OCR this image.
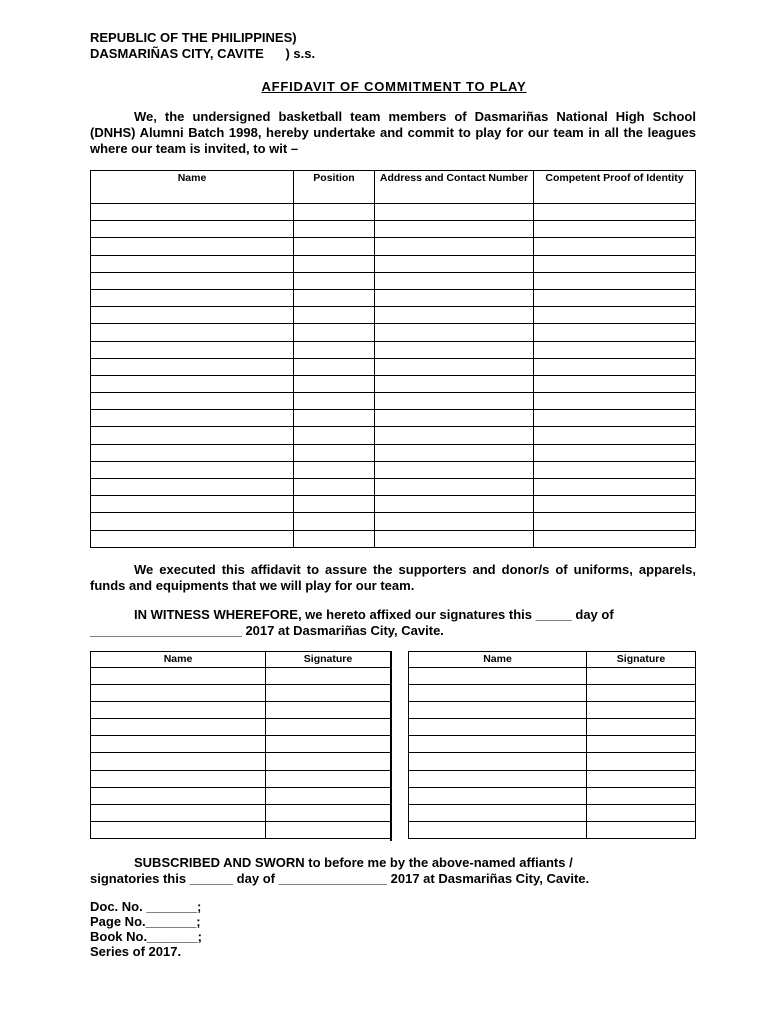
REPUBLIC OF THE PHILIPPINES)
DASMARIÑAS CITY, CAVITE      ) s.s.
AFFIDAVIT OF COMMITMENT TO PLAY
We, the undersigned basketball team members of Dasmariñas National High School (DNHS) Alumni Batch 1998, hereby undertake and commit to play for our team in all the leagues where our team is invited, to wit –
Name	Position	Address and Contact Number	Competent Proof of Identity

We executed this affidavit to assure the supporters and donor/s of uniforms, apparels, funds and equipments that we will play for our team.
IN WITNESS WHEREFORE, we hereto affixed our signatures this _____ day of
_____________________ 2017 at Dasmariñas City, Cavite.
Name	Signature

		Name	Signature

SUBSCRIBED AND SWORN to before me by the above-named affiants /
signatories this ______ day of _______________ 2017 at Dasmariñas City, Cavite.
Doc. No. _______;
Page No._______;
Book No._______;
Series of 2017.
